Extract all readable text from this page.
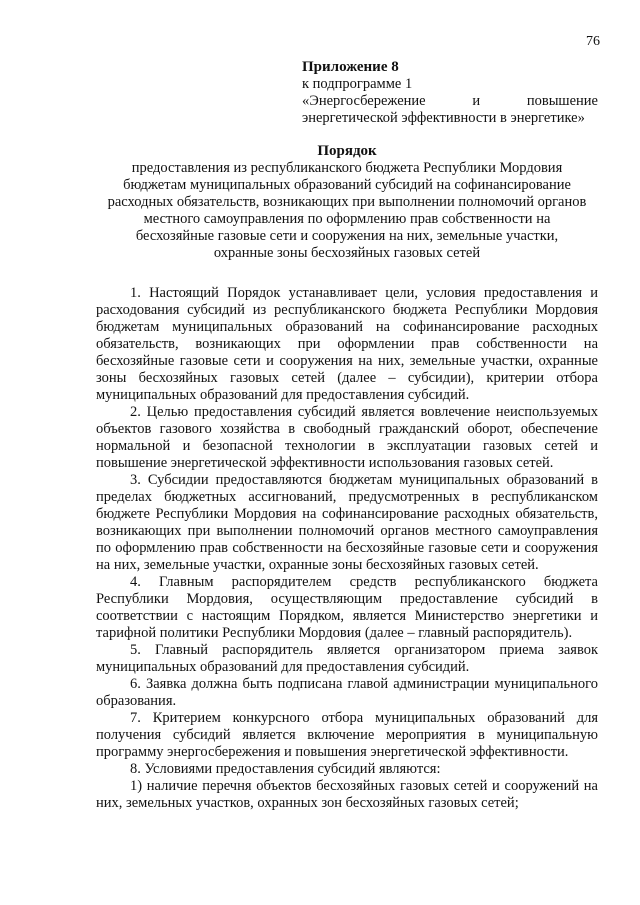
76
Приложение 8
к подпрограмме 1
«Энергосбережение и повышение
энергетической эффективности в энергетике»
Порядок
предоставления из республиканского бюджета Республики Мордовия
бюджетам муниципальных образований субсидий на софинансирование
расходных обязательств, возникающих при выполнении полномочий органов
местного самоуправления по оформлению прав собственности на
бесхозяйные газовые сети и сооружения на них, земельные участки,
охранные зоны бесхозяйных газовых сетей

1. Настоящий Порядок устанавливает цели, условия предоставления и расходования субсидий из республиканского бюджета Республики Мордовия бюджетам муниципальных образований на софинансирование расходных обязательств, возникающих при оформлении прав собственности на бесхозяйные газовые сети и сооружения на них, земельные участки, охранные зоны бесхозяйных газовых сетей (далее – субсидии), критерии отбора муниципальных образований для предоставления субсидий.

2. Целью предоставления субсидий является вовлечение неиспользуемых объектов газового хозяйства в свободный гражданский оборот, обеспечение нормальной и безопасной технологии в эксплуатации газовых сетей и повышение энергетической эффективности использования газовых сетей.

3. Субсидии предоставляются бюджетам муниципальных образований в пределах бюджетных ассигнований, предусмотренных в республиканском бюджете Республики Мордовия на софинансирование расходных обязательств, возникающих при выполнении полномочий органов местного самоуправления по оформлению прав собственности на бесхозяйные газовые сети и сооружения на них, земельные участки, охранные зоны бесхозяйных газовых сетей.

4. Главным распорядителем средств республиканского бюджета Республики Мордовия, осуществляющим предоставление субсидий в соответствии с настоящим Порядком, является Министерство энергетики и тарифной политики Республики Мордовия (далее – главный распорядитель).

5. Главный распорядитель является организатором приема заявок муниципальных образований для предоставления субсидий.

6. Заявка должна быть подписана главой администрации муниципального образования.

7. Критерием конкурсного отбора муниципальных образований для получения субсидий является включение мероприятия в муниципальную программу энергосбережения и повышения энергетической эффективности.

8. Условиями предоставления субсидий являются:

1) наличие перечня объектов бесхозяйных газовых сетей и сооружений на них, земельных участков, охранных зон бесхозяйных газовых сетей;
